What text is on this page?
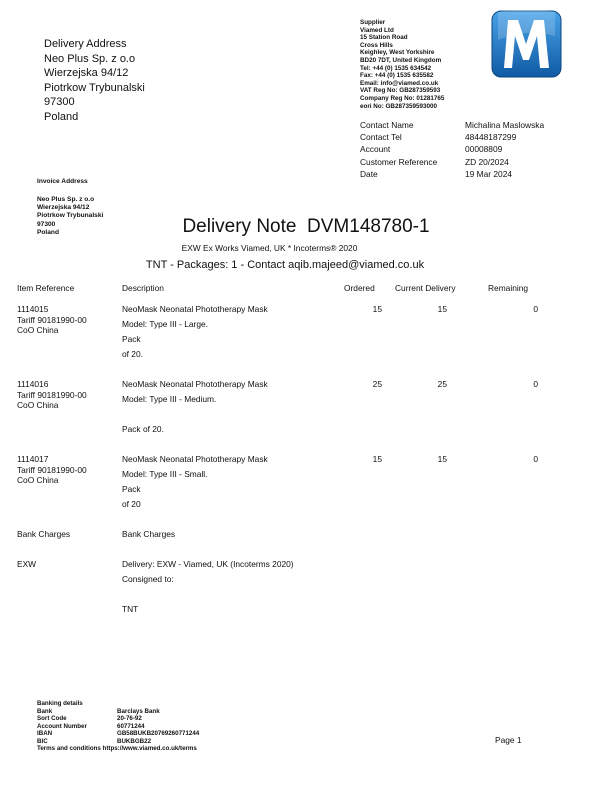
Delivery Address
Neo Plus Sp. z o.o
Wierzejska 94/12
Piotrkow Trybunalski
97300
Poland
Supplier
Viamed Ltd
15 Station Road
Cross Hills
Keighley, West Yorkshire
BD20 7DT, United Kingdom
Tel: +44 (0) 1535 634542
Fax: +44 (0) 1535 635582
Email: info@viamed.co.uk
VAT Reg No: GB287359593
Company Reg No: 01281765
eori No: GB287359593000
Contact Name	Michalina Maslowska
Contact Tel	48448187299
Account	00008809
Customer Reference	ZD 20/2024
Date	19 Mar 2024
Invoice Address
Neo Plus Sp. z o.o
Wierzejska 94/12
Piotrkow Trybunalski
97300
Poland	Delivery Note  DVM148780-1
EXW Ex Works Viamed, UK * Incoterms® 2020
TNT - Packages: 1 - Contact aqib.majeed@viamed.co.uk
Item Reference	Description	Ordered Current Delivery	Remaining
1114015
Tariff 90181990-00
CoO China
NeoMask Neonatal Phototherapy Mask
Model: Type III - Large.
Pack
of 20.
15	15	0
1114016
Tariff 90181990-00
CoO China
NeoMask Neonatal Phototherapy Mask
Model: Type III - Medium.
Pack of 20.
25	25	0
1114017
Tariff 90181990-00
CoO China
NeoMask Neonatal Phototherapy Mask
Model: Type III - Small.
Pack
of 20
15	15	0
Bank Charges	Bank Charges
EXW	Delivery: EXW - Viamed, UK (Incoterms 2020)
Consigned to:
TNT
Banking details
Bank	Barclays Bank
Sort Code	20-76-92
Account Number	60771244
IBAN	GB58BUKB20769260771244
BIC	BUKBGB22
Terms and conditions https://www.viamed.co.uk/terms
Page 1
